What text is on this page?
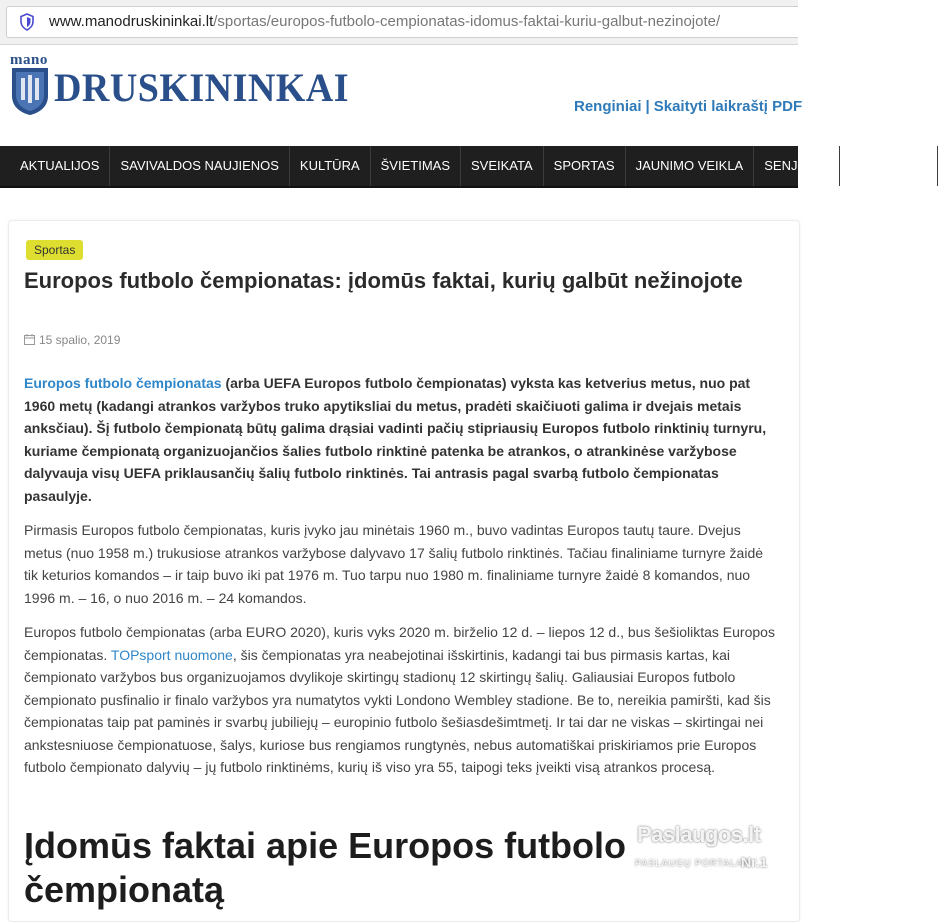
www.manodruskininkai.lt/sportas/europos-futbolo-cempionatas-idomus-faktai-kuriu-galbut-nezinojote/
mano
DRUSKININKAI	Renginiai | Skaityti laikraštį PDF
AKTUALIJOS	SAVIVALDOS NAUJIENOS	KULTŪRA	ŠVIETIMAS	SVEIKATA	SPORTAS	JAUNIMO VEIKLA	SENJORAI	NUOMONĖS
Sportas
Europos futbolo čempionatas: įdomūs faktai, kurių galbūt nežinojote
15 spalio, 2019

Europos futbolo čempionatas (arba UEFA Europos futbolo čempionatas) vyksta kas ketverius metus, nuo pat 1960 metų (kadangi atrankos varžybos truko apytiksliai du metus, pradėti skaičiuoti galima ir dvejais metais anksčiau). Šį futbolo čempionatą būtų galima drąsiai vadinti pačių stipriausių Europos futbolo rinktinių turnyru, kuriame čempionatą organizuojančios šalies futbolo rinktinė patenka be atrankos, o atrankinėse varžybose dalyvauja visų UEFA priklausančių šalių futbolo rinktinės. Tai antrasis pagal svarbą futbolo čempionatas pasaulyje.

Pirmasis Europos futbolo čempionatas, kuris įvyko jau minėtais 1960 m., buvo vadintas Europos tautų taure. Dvejus metus (nuo 1958 m.) trukusiose atrankos varžybose dalyvavo 17 šalių futbolo rinktinės. Tačiau finaliniame turnyre žaidė tik keturios komandos – ir taip buvo iki pat 1976 m. Tuo tarpu nuo 1980 m. finaliniame turnyre žaidė 8 komandos, nuo 1996 m. – 16, o nuo 2016 m. – 24 komandos.

Europos futbolo čempionatas (arba EURO 2020), kuris vyks 2020 m. birželio 12 d. – liepos 12 d., bus šešioliktas Europos čempionatas. TOPsport nuomone, šis čempionatas yra neabejotinai išskirtinis, kadangi tai bus pirmasis kartas, kai čempionato varžybos bus organizuojamos dvylikoje skirtingų stadionų 12 skirtingų šalių. Galiausiai Europos futbolo čempionato pusfinalio ir finalo varžybos yra numatytos vykti Londono Wembley stadione. Be to, nereikia pamiršti, kad šis čempionatas taip pat paminės ir svarbų jubiliejų – europinio futbolo šešiasdešimtmetį. Ir tai dar ne viskas – skirtingai nei ankstesniuose čempionatuose, šalys, kuriose bus rengiamos rungtynės, nebus automatiškai priskiriamos prie Europos futbolo čempionato dalyvių – jų futbolo rinktinėms, kurių iš viso yra 55, taipogi teks įveikti visą atrankos procesą.

Įdomūs faktai apie Europos futbolo čempionatą
Paslaugos.lt
PASLAUGŲ PORTALAS
Nr.1
